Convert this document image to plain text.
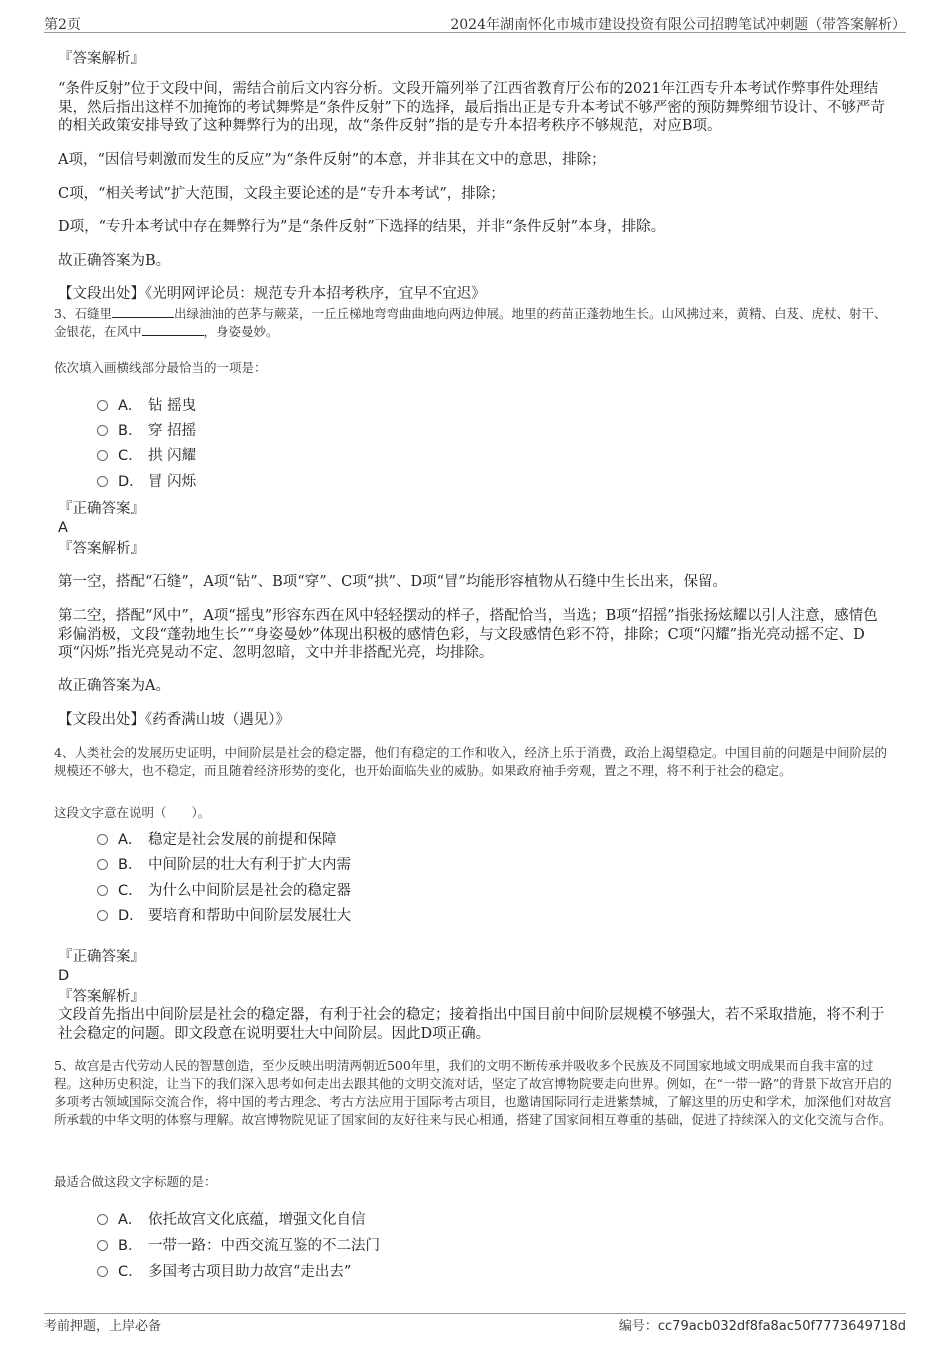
第2页	2024年湖南怀化市城市建设投资有限公司招聘笔试冲刺题（带答案解析）
『答案解析』
“条件反射”位于文段中间，需结合前后文内容分析。文段开篇列举了江西省教育厅公布的2021年江西专升本考试作弊事件处理结果，然后指出这样不加掩饰的考试舞弊是“条件反射”下的选择，最后指出正是专升本考试不够严密的预防舞弊细节设计、不够严苛的相关政策安排导致了这种舞弊行为的出现，故“条件反射”指的是专升本招考秩序不够规范，对应B项。
A项，“因信号刺激而发生的反应”为“条件反射”的本意，并非其在文中的意思，排除；
C项，“相关考试”扩大范围，文段主要论述的是“专升本考试”，排除；
D项，“专升本考试中存在舞弊行为”是“条件反射”下选择的结果，并非“条件反射”本身，排除。
故正确答案为B。
【文段出处】《光明网评论员：规范专升本招考秩序，宜早不宜迟》
3、石缝里	出绿油油的芭茅与蕨菜，一丘丘梯地弯弯曲曲地向两边伸展。地里的药苗正蓬勃地生长。山风拂过来，黄精、白芨、虎杖、射干、金银花，在风中	，身姿曼妙。
依次填入画横线部分最恰当的一项是：
A． 钻 摇曳
B． 穿 招摇
C． 拱 闪耀
D． 冒 闪烁
『正确答案』
A
『答案解析』
第一空，搭配“石缝”，A项“钻”、B项“穿”、C项“拱”、D项“冒”均能形容植物从石缝中生长出来，保留。
第二空，搭配“风中”，A项“摇曳”形容东西在风中轻轻摆动的样子，搭配恰当，当选；B项“招摇”指张扬炫耀以引人注意，感情色彩偏消极，文段“蓬勃地生长”“身姿曼妙”体现出积极的感情色彩，与文段感情色彩不符，排除；C项“闪耀”指光亮动摇不定、D项“闪烁”指光亮晃动不定、忽明忽暗，文中并非搭配光亮，均排除。
故正确答案为A。
【文段出处】《药香满山坡（遇见）》
4、人类社会的发展历史证明，中间阶层是社会的稳定器，他们有稳定的工作和收入，经济上乐于消费，政治上渴望稳定。中国目前的问题是中间阶层的规模还不够大，也不稳定，而且随着经济形势的变化，也开始面临失业的威胁。如果政府袖手旁观，置之不理，将不利于社会的稳定。
这段文字意在说明（　　）。
A． 稳定是社会发展的前提和保障
B． 中间阶层的壮大有利于扩大内需
C． 为什么中间阶层是社会的稳定器
D． 要培育和帮助中间阶层发展壮大
『正确答案』
D
『答案解析』
文段首先指出中间阶层是社会的稳定器，有利于社会的稳定；接着指出中国目前中间阶层规模不够强大，若不采取措施，将不利于社会稳定的问题。即文段意在说明要壮大中间阶层。因此D项正确。
5、故宫是古代劳动人民的智慧创造，至少反映出明清两朝近500年里，我们的文明不断传承并吸收多个民族及不同国家地域文明成果而自我丰富的过程。这种历史积淀，让当下的我们深入思考如何走出去跟其他的文明交流对话，坚定了故宫博物院要走向世界。例如，在“一带一路”的背景下故宫开启的多项考古领域国际交流合作，将中国的考古理念、考古方法应用于国际考古项目，也邀请国际同行走进紫禁城，了解这里的历史和学术，加深他们对故宫所承载的中华文明的体察与理解。故宫博物院见证了国家间的友好往来与民心相通，搭建了国家间相互尊重的基础，促进了持续深入的文化交流与合作。
最适合做这段文字标题的是：
A． 依托故宫文化底蕴，增强文化自信
B． 一带一路：中西交流互鉴的不二法门
C． 多国考古项目助力故宫“走出去”
考前押题，上岸必备	编号：cc79acb032df8fa8ac50f7773649718d
